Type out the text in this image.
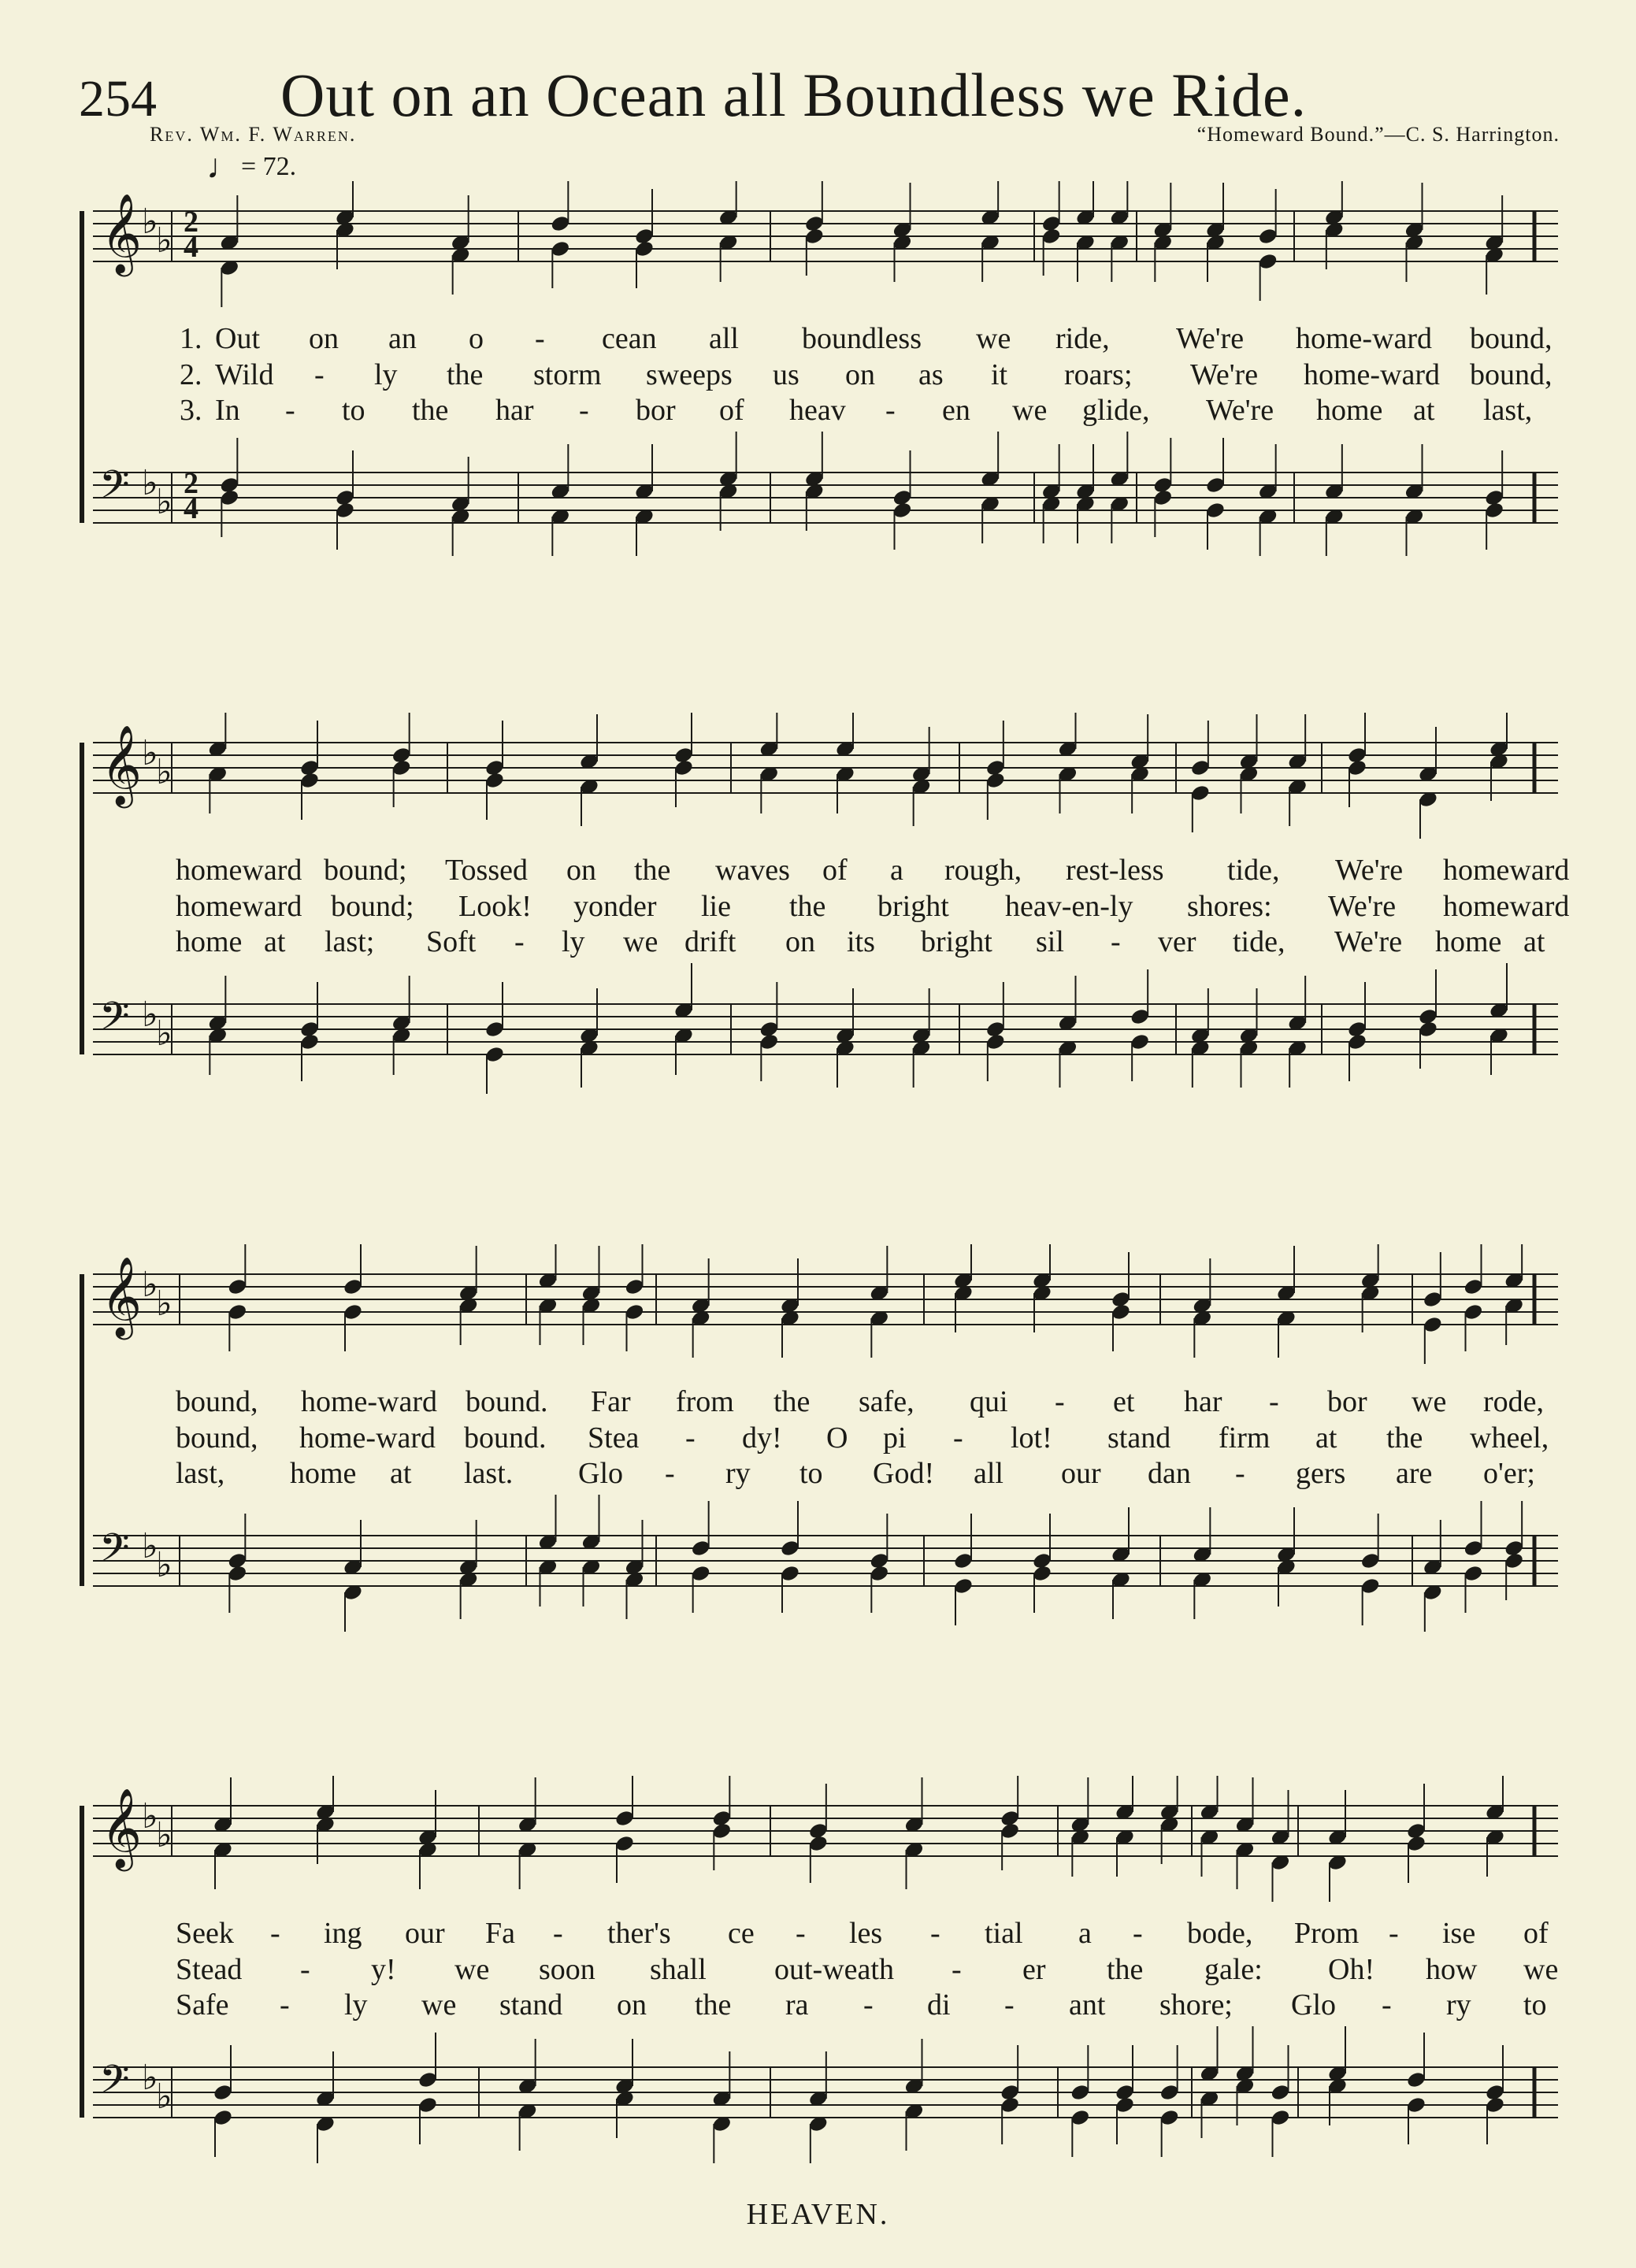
254 Out on an Ocean all Boundless we Ride.
Rev. Wm. F. Warren.	“Homeward Bound.”—C. S. Harrington.
♩= 72.
𝄞 ♭
♭
𝄢 ♭
♭
2
4
2
4
1. Out on an o - cean all boundless we ride, We're home-ward bound,
2. Wild - ly the storm sweeps us on as it roars; We're home-ward bound,
3. In - to the har - bor of heav - en we glide, We're home at last,
𝄞 ♭
♭
𝄢 ♭
♭
homeward bound; Tossed on the waves of a rough, rest-less tide, We're homeward
homeward bound; Look! yonder lie the bright heav-en-ly shores: We're homeward
home at last; Soft - ly we drift on its bright sil - ver tide, We're home at
𝄞 ♭
♭
𝄢 ♭
♭
bound, home-ward bound. Far from the safe, qui - et har - bor we rode,
bound, home-ward bound. Stea - dy! O pi - lot! stand firm at the wheel,
last, home at last. Glo - ry to God! all our dan - gers are o'er;
𝄞 ♭
♭
𝄢 ♭
♭
Seek - ing our Fa - ther's ce - les - tial a - bode, Prom - ise of
Stead - y! we soon shall out-weath - er the gale: Oh! how we
Safe - ly we stand on the ra - di - ant shore; Glo - ry to
HEAVEN.
